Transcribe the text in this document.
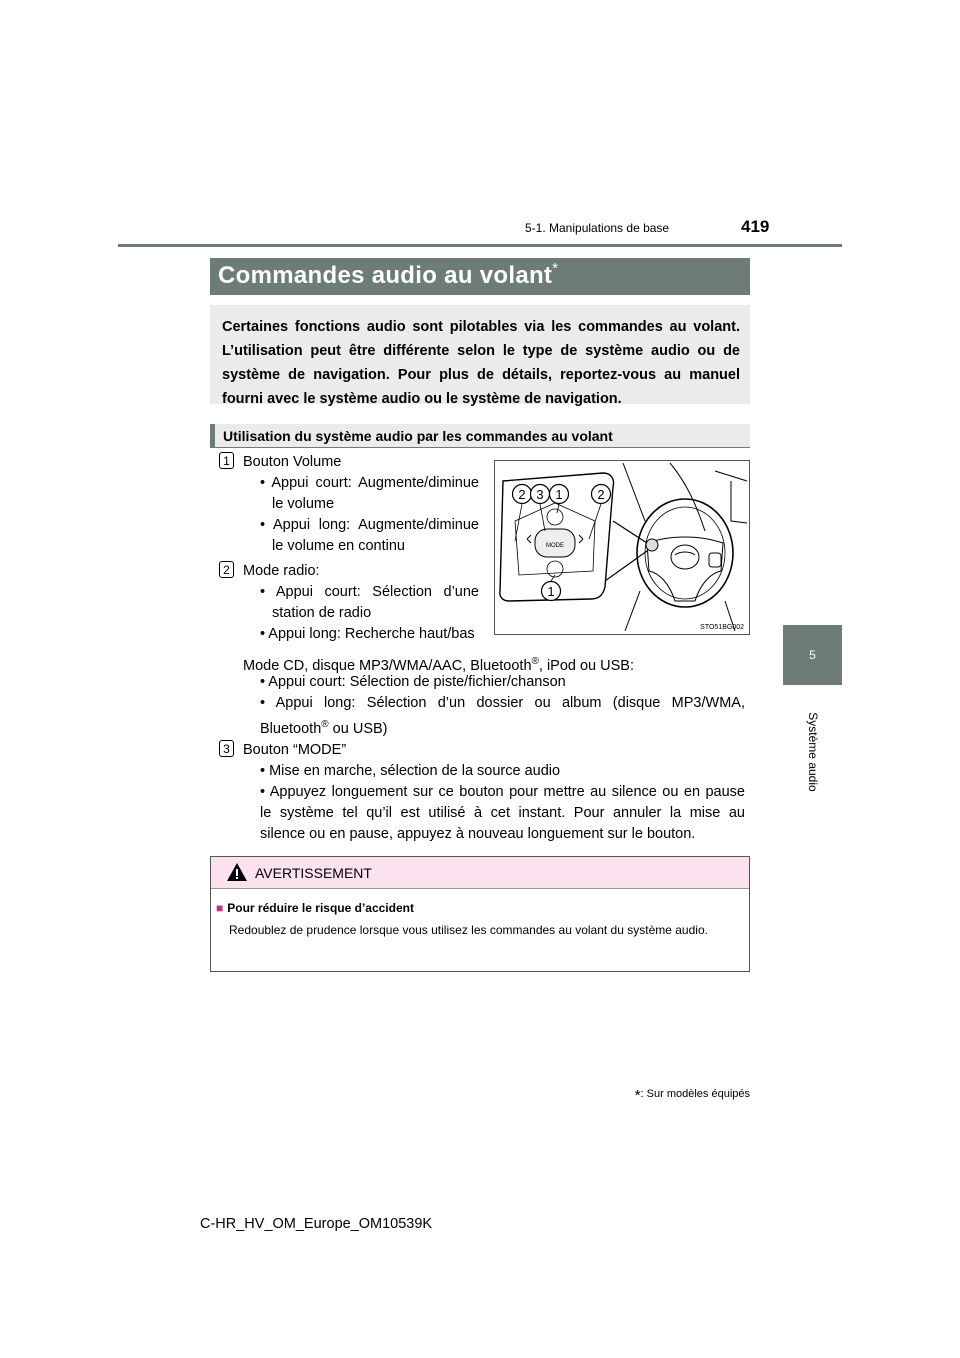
5-1. Manipulations de base	419
5
Système audio
Commandes audio au volant*
Certaines fonctions audio sont pilotables via les commandes au volant. L’utilisation peut être différente selon le type de système audio ou de système de navigation. Pour plus de détails, reportez-vous au manuel fourni avec le système audio ou le système de navigation.
Utilisation du système audio par les commandes au volant
1 Bouton Volume
• Appui court: Augmente/diminue
le volume
• Appui long: Augmente/diminue
le volume en continu
2 Mode radio:
• Appui court: Sélection d’une
station de radio
• Appui long: Recherche haut/bas
Mode CD, disque MP3/WMA/AAC, Bluetooth®, iPod ou USB:
• Appui court: Sélection de piste/fichier/chanson
• Appui long: Sélection d’un dossier ou album (disque MP3/WMA,
Bluetooth® ou USB)
3 Bouton “MODE”
• Mise en marche, sélection de la source audio
• Appuyez longuement sur ce bouton pour mettre au silence ou en pause
le système tel qu’il est utilisé à cet instant. Pour annuler la mise au
silence ou en pause, appuyez à nouveau longuement sur le bouton.
MODE
2 3 1	2
1
STO51BG002
AVERTISSEMENT
■ Pour réduire le risque d’accident
Redoublez de prudence lorsque vous utilisez les commandes au volant du système audio.
*: Sur modèles équipés
C-HR_HV_OM_Europe_OM10539K
